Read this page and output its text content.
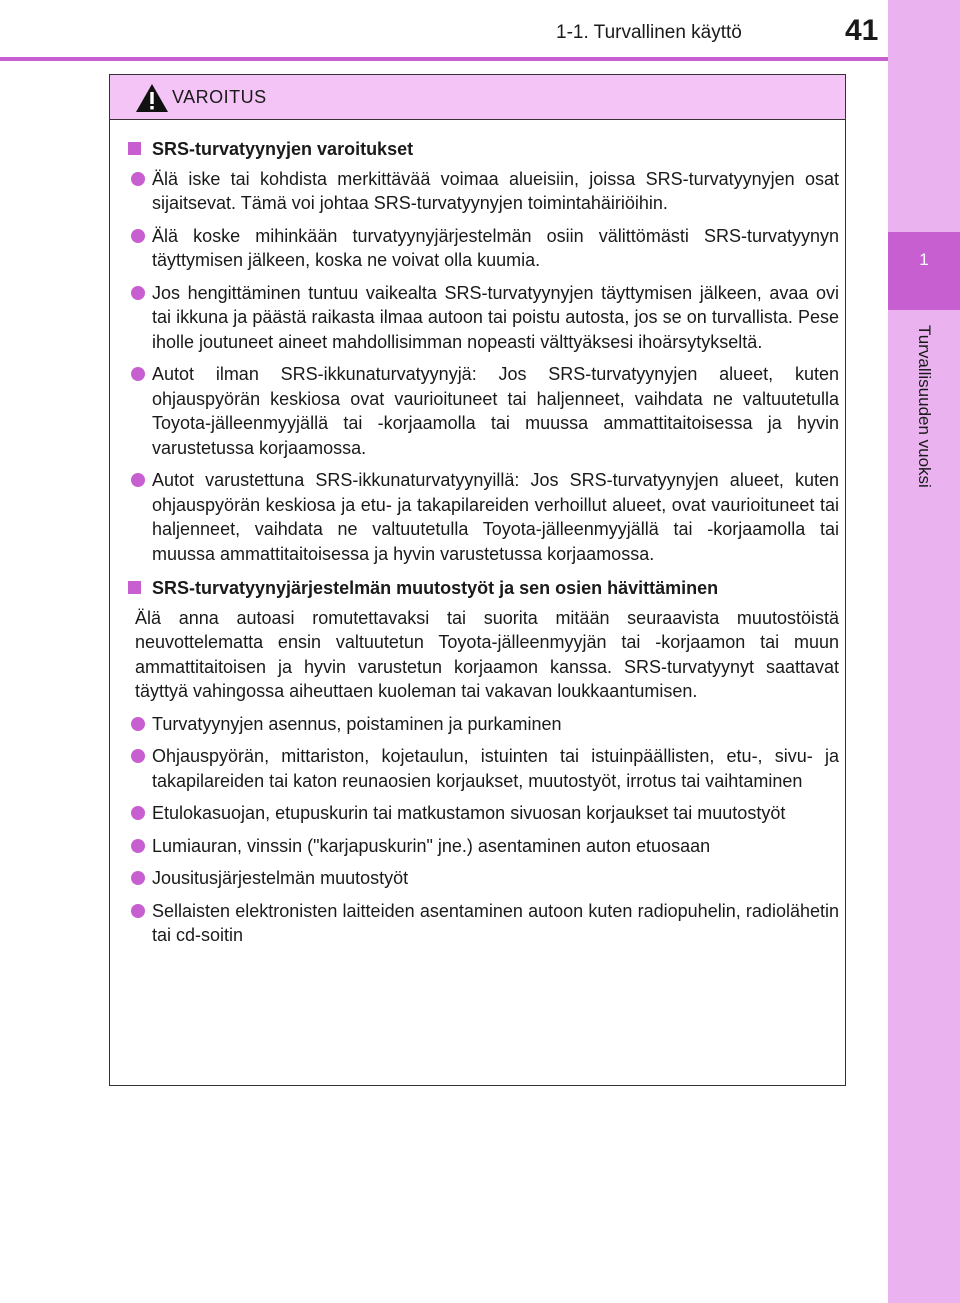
1-1. Turvallinen käyttö	41
1
Turvallisuuden vuoksi
VAROITUS
SRS-turvatyynyjen varoitukset
Älä iske tai kohdista merkittävää voimaa alueisiin, joissa SRS-turvatyynyjen osat sijaitsevat. Tämä voi johtaa SRS-turvatyynyjen toimintahäiriöihin.
Älä koske mihinkään turvatyynyjärjestelmän osiin välittömästi SRS-turvatyynyn täyttymisen jälkeen, koska ne voivat olla kuumia.
Jos hengittäminen tuntuu vaikealta SRS-turvatyynyjen täyttymisen jälkeen, avaa ovi tai ikkuna ja päästä raikasta ilmaa autoon tai poistu autosta, jos se on turvallista. Pese iholle joutuneet aineet mahdollisimman nopeasti välttyäksesi ihoärsytykseltä.
Autot ilman SRS-ikkunaturvatyynyjä: Jos SRS-turvatyynyjen alueet, kuten ohjauspyörän keskiosa ovat vaurioituneet tai haljenneet, vaihdata ne valtuutetulla Toyota-jälleenmyyjällä tai -korjaamolla tai muussa ammattitaitoisessa ja hyvin varustetussa korjaamossa.
Autot varustettuna SRS-ikkunaturvatyynyillä: Jos SRS-turvatyynyjen alueet, kuten ohjauspyörän keskiosa ja etu- ja takapilareiden verhoillut alueet, ovat vaurioituneet tai haljenneet, vaihdata ne valtuutetulla Toyota-jälleenmyyjällä tai -korjaamolla tai muussa ammattitaitoisessa ja hyvin varustetussa korjaamossa.
SRS-turvatyynyjärjestelmän muutostyöt ja sen osien hävittäminen
Älä anna autoasi romutettavaksi tai suorita mitään seuraavista muutostöistä neuvottelematta ensin valtuutetun Toyota-jälleenmyyjän tai -korjaamon tai muun ammattitaitoisen ja hyvin varustetun korjaamon kanssa. SRS-turvatyynyt saattavat täyttyä vahingossa aiheuttaen kuoleman tai vakavan loukkaantumisen.
Turvatyynyjen asennus, poistaminen ja purkaminen
Ohjauspyörän, mittariston, kojetaulun, istuinten tai istuinpäällisten, etu-, sivu- ja takapilareiden tai katon reunaosien korjaukset, muutostyöt, irrotus tai vaihtaminen
Etulokasuojan, etupuskurin tai matkustamon sivuosan korjaukset tai muutostyöt
Lumiauran, vinssin ("karjapuskurin" jne.) asentaminen auton etuosaan
Jousitusjärjestelmän muutostyöt
Sellaisten elektronisten laitteiden asentaminen autoon kuten radiopuhelin, radiolähetin tai cd-soitin
